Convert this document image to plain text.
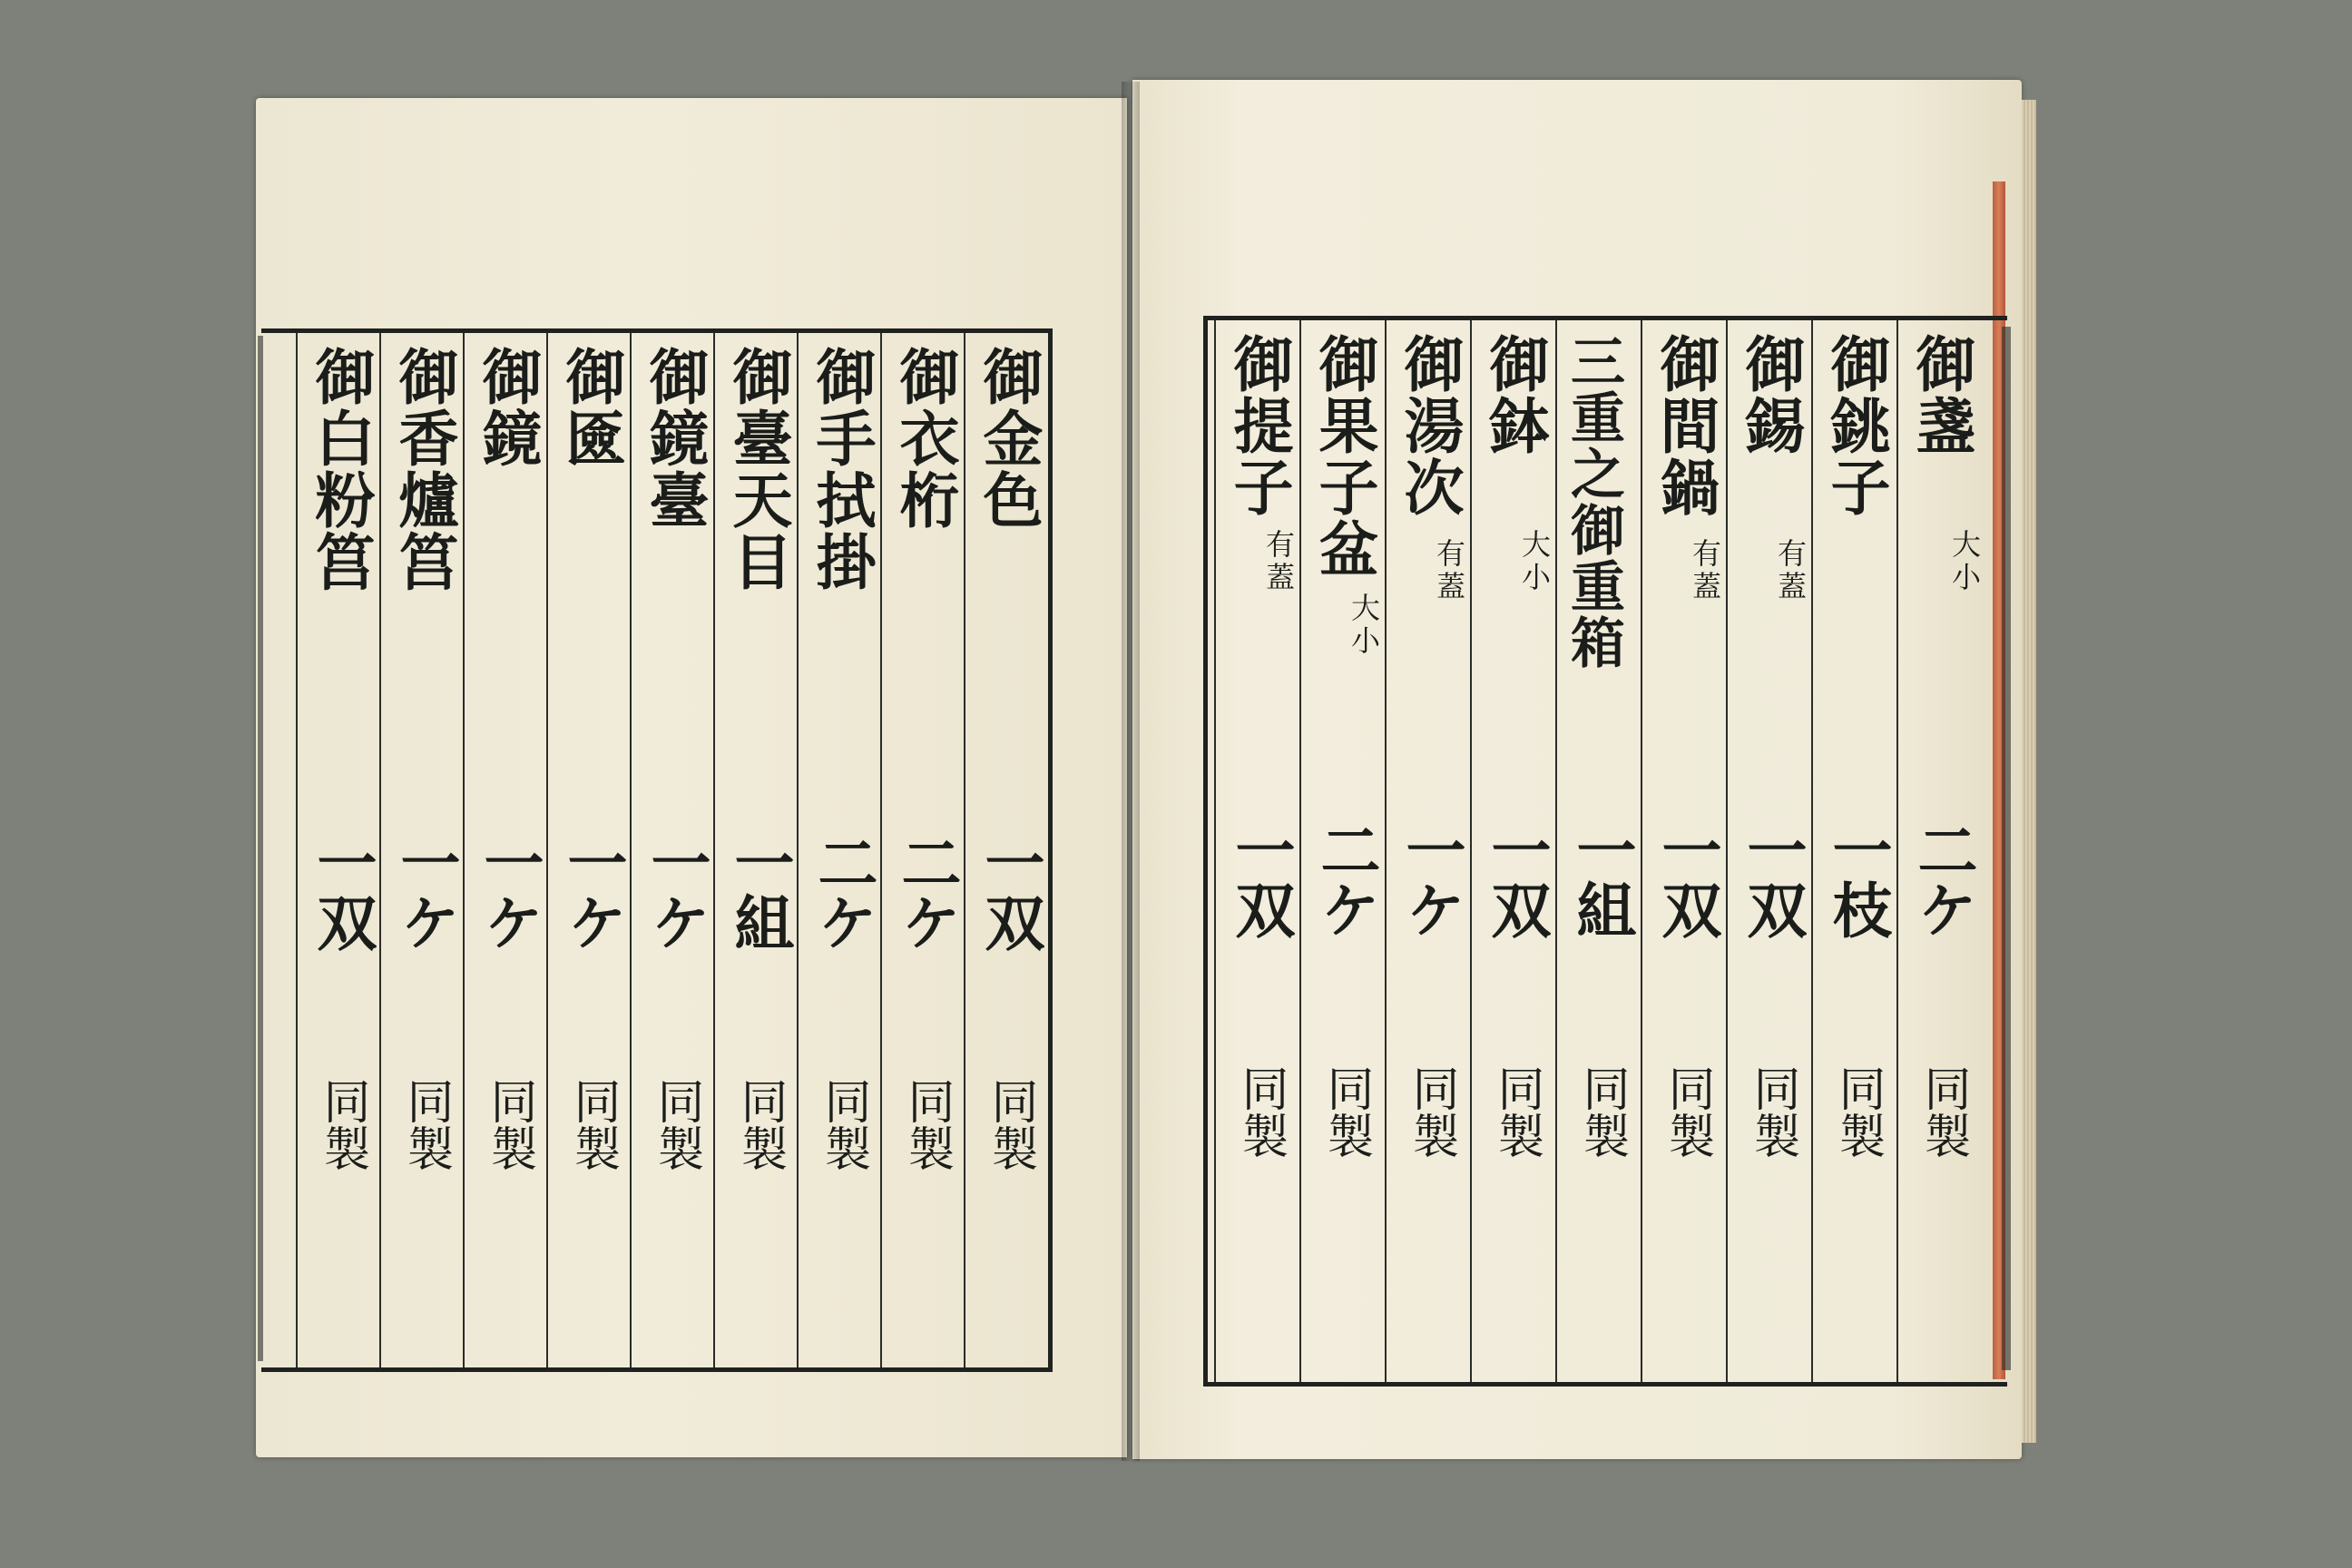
御金色
一双
同製
御衣桁
二ケ
同製
御手拭掛
二ケ
同製
御臺天目
一組
同製
御鏡臺
一ケ
同製
御匳
一ケ
同製
御鏡
一ケ
同製
御香爐筥
一ケ
同製
御白粉筥
一双
同製
御盞
大小
二ケ
同製
御銚子
一枝
同製
御錫
有蓋
一双
同製
御間鍋
有蓋
一双
同製
三重之御重箱
一組
同製
御鉢
大小
一双
同製
御湯次
有蓋
一ケ
同製
御果子盆
大小
二ケ
同製
御提子
有蓋
一双
同製
